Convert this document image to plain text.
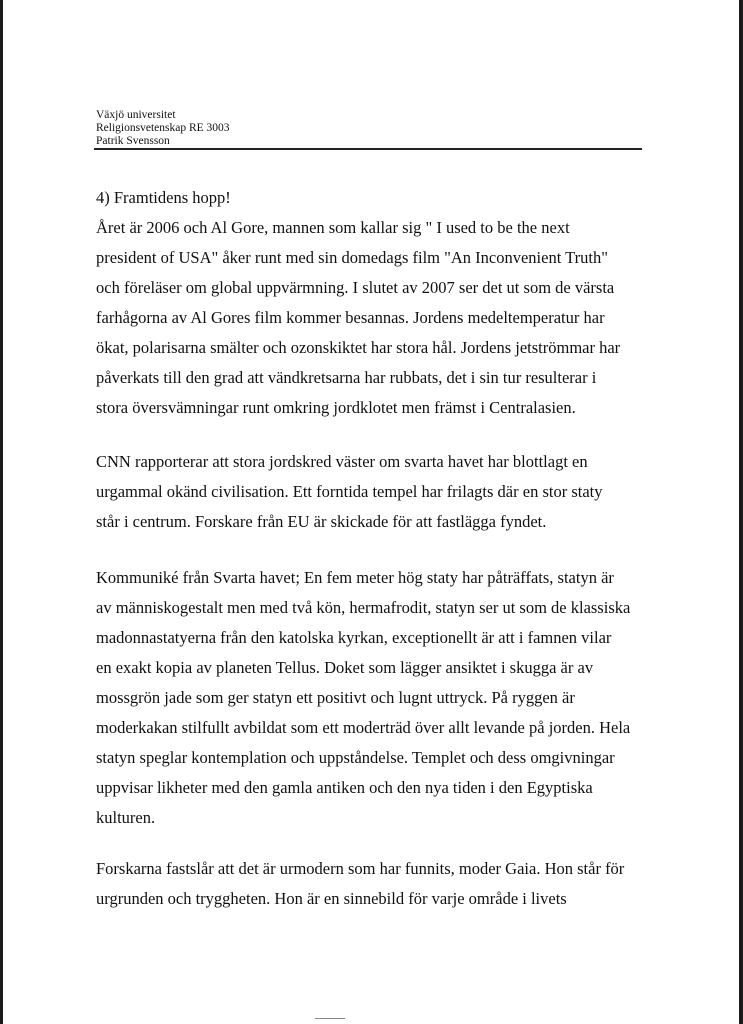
Växjö universitet
Religionsvetenskap RE 3003
Patrik Svensson
4) Framtidens hopp!
Året är 2006 och Al Gore, mannen som kallar sig " I used to be the next
president of USA" åker runt med sin domedags film "An Inconvenient Truth"
och föreläser om global uppvärmning. I slutet av 2007 ser det ut som de värsta
farhågorna av Al Gores film kommer besannas. Jordens medeltemperatur har
ökat, polarisarna smälter och ozonskiktet har stora hål. Jordens jetströmmar har
påverkats till den grad att vändkretsarna har rubbats, det i sin tur resulterar i
stora översvämningar runt omkring jordklotet men främst i Centralasien.
CNN rapporterar att stora jordskred väster om svarta havet har blottlagt en
urgammal okänd civilisation. Ett forntida tempel har frilagts där en stor staty
står i centrum. Forskare från EU är skickade för att fastlägga fyndet.
Kommuniké från Svarta havet; En fem meter hög staty har påträffats, statyn är
av människogestalt men med två kön, hermafrodit, statyn ser ut som de klassiska
madonnastatyerna från den katolska kyrkan, exceptionellt är att i famnen vilar
en exakt kopia av planeten Tellus. Doket som lägger ansiktet i skugga är av
mossgrön jade som ger statyn ett positivt och lugnt uttryck. På ryggen är
moderkakan stilfullt avbildat som ett moderträd över allt levande på jorden. Hela
statyn speglar kontemplation och uppståndelse. Templet och dess omgivningar
uppvisar likheter med den gamla antiken och den nya tiden i den Egyptiska
kulturen.
Forskarna fastslår att det är urmodern som har funnits, moder Gaia. Hon står för
urgrunden och tryggheten. Hon är en sinnebild för varje område i livets
